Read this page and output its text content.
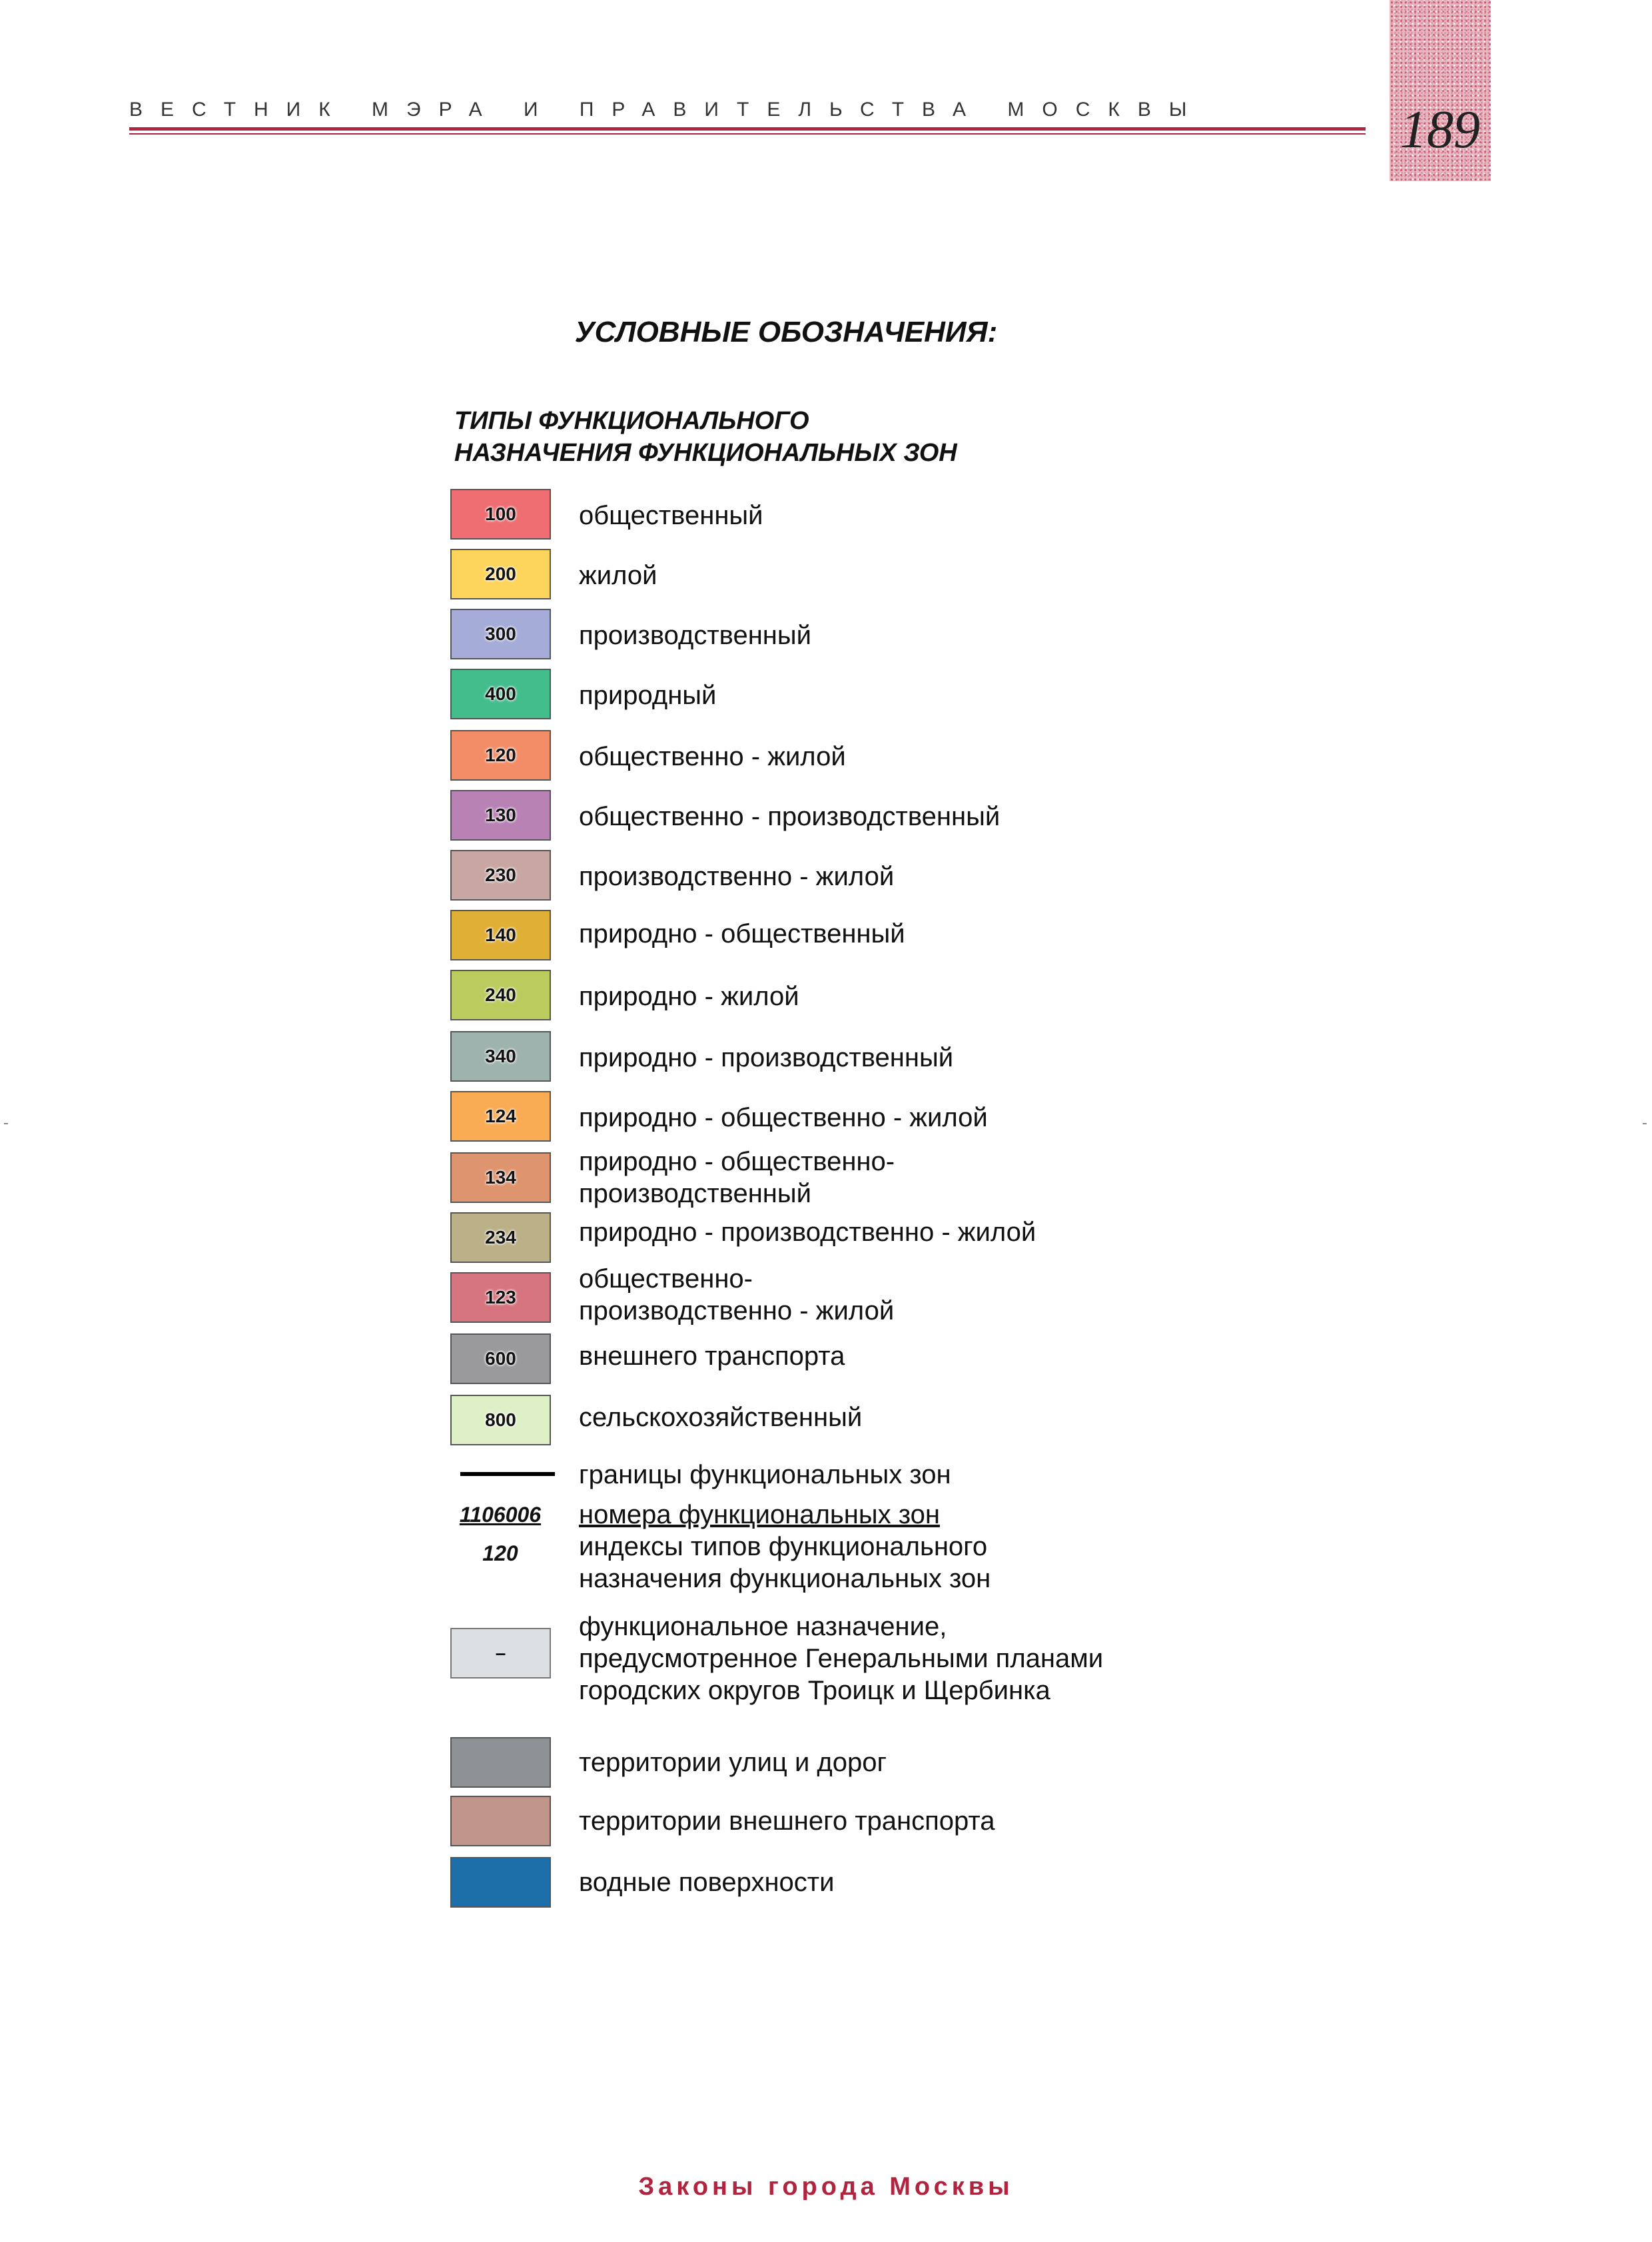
ВЕСТНИК МЭРА И ПРАВИТЕЛЬСТВА МОСКВЫ	189
УСЛОВНЫЕ ОБОЗНАЧЕНИЯ:
ТИПЫ ФУНКЦИОНАЛЬНОГО
НАЗНАЧЕНИЯ ФУНКЦИОНАЛЬНЫХ ЗОН
100 общественный
200 жилой
300 производственный
400 природный
120 общественно - жилой
130 общественно - производственный
230 производственно - жилой
140 природно - общественный
240 природно - жилой
340 природно - производственный
124 природно - общественно - жилой
134
природно - общественно-
производственный
234 природно - производственно - жилой
123
общественно-
производственно - жилой
600 внешнего транспорта
800 сельскохозяйственный
границы функциональных зон
1106006
120
номера функциональных зон
индексы типов функционального
назначения функциональных зон
–
функциональное назначение,
предусмотренное Генеральными планами
городских округов Троицк и Щербинка
территории улиц и дорог
территории внешнего транспорта
водные поверхности
Законы города Москвы
